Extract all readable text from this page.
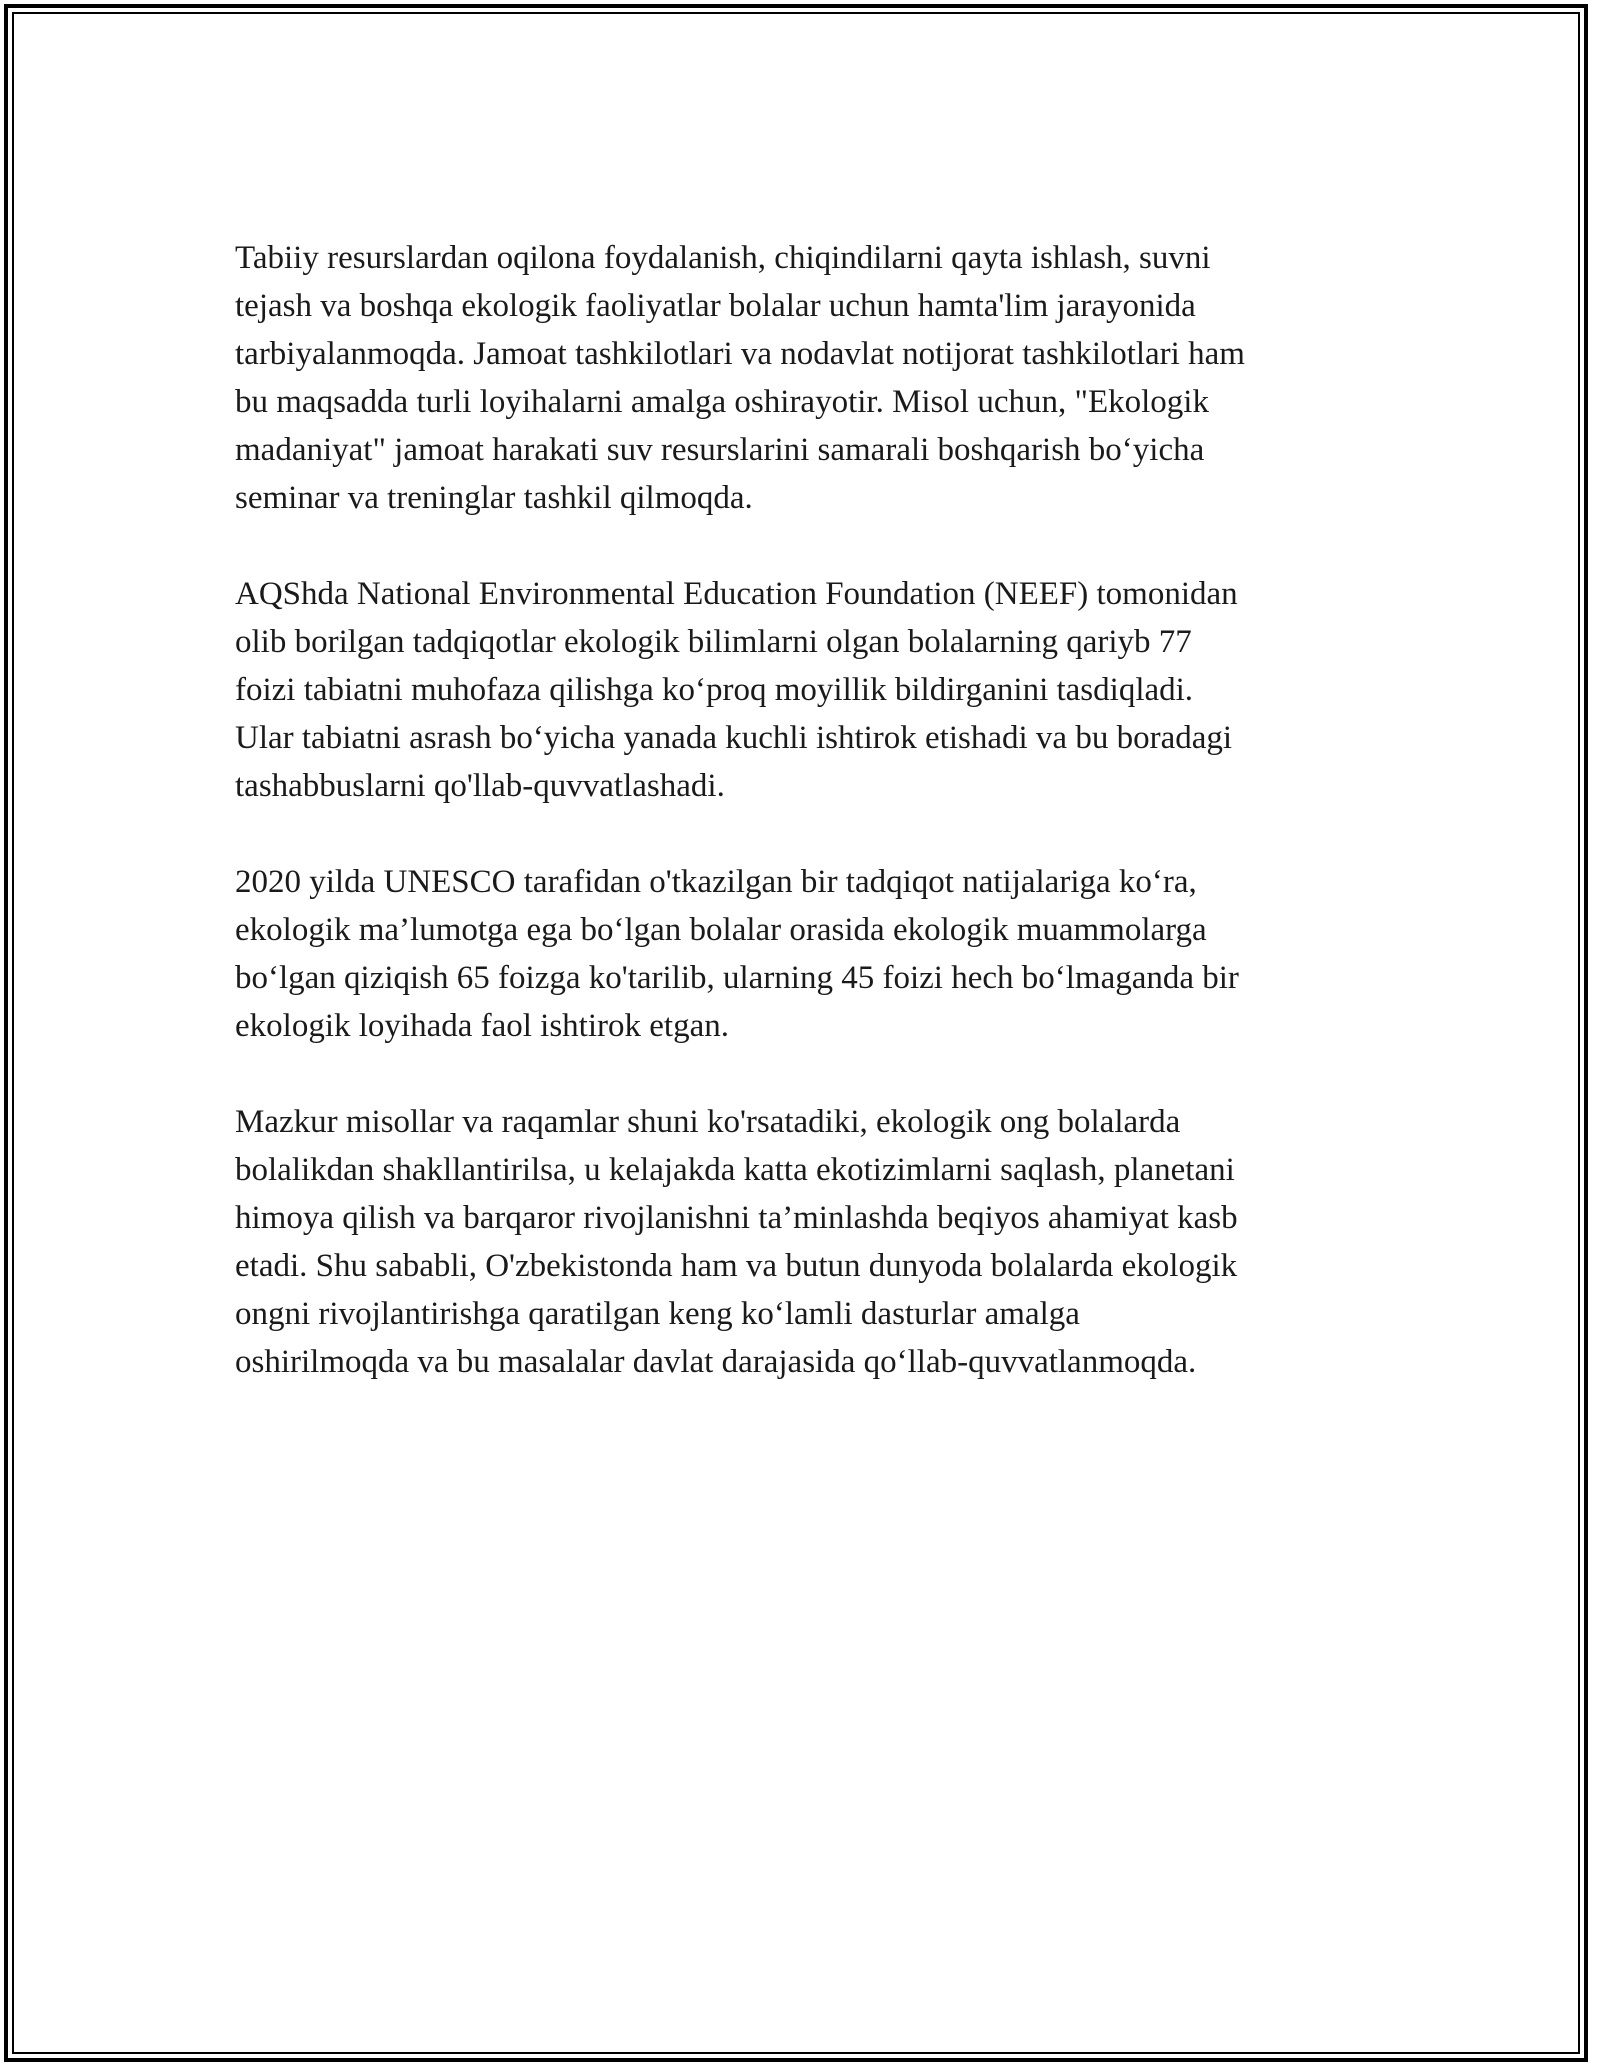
Tabiiy resurslardan oqilona foydalanish, chiqindilarni qayta ishlash, suvni
tejash va boshqa ekologik faoliyatlar bolalar uchun hamta'lim jarayonida
tarbiyalanmoqda. Jamoat tashkilotlari va nodavlat notijorat tashkilotlari ham
bu maqsadda turli loyihalarni amalga oshirayotir. Misol uchun, "Ekologik
madaniyat" jamoat harakati suv resurslarini samarali boshqarish bo‘yicha
seminar va treninglar tashkil qilmoqda.

AQShda National Environmental Education Foundation (NEEF) tomonidan
olib borilgan tadqiqotlar ekologik bilimlarni olgan bolalarning qariyb 77
foizi tabiatni muhofaza qilishga ko‘proq moyillik bildirganini tasdiqladi.
Ular tabiatni asrash bo‘yicha yanada kuchli ishtirok etishadi va bu boradagi
tashabbuslarni qo'llab-quvvatlashadi.

2020 yilda UNESCO tarafidan o'tkazilgan bir tadqiqot natijalariga ko‘ra,
ekologik ma’lumotga ega bo‘lgan bolalar orasida ekologik muammolarga
bo‘lgan qiziqish 65 foizga ko'tarilib, ularning 45 foizi hech bo‘lmaganda bir
ekologik loyihada faol ishtirok etgan.

Mazkur misollar va raqamlar shuni ko'rsatadiki, ekologik ong bolalarda
bolalikdan shakllantirilsa, u kelajakda katta ekotizimlarni saqlash, planetani
himoya qilish va barqaror rivojlanishni ta’minlashda beqiyos ahamiyat kasb
etadi. Shu sababli, O'zbekistonda ham va butun dunyoda bolalarda ekologik
ongni rivojlantirishga qaratilgan keng ko‘lamli dasturlar amalga
oshirilmoqda va bu masalalar davlat darajasida qo‘llab-quvvatlanmoqda.
